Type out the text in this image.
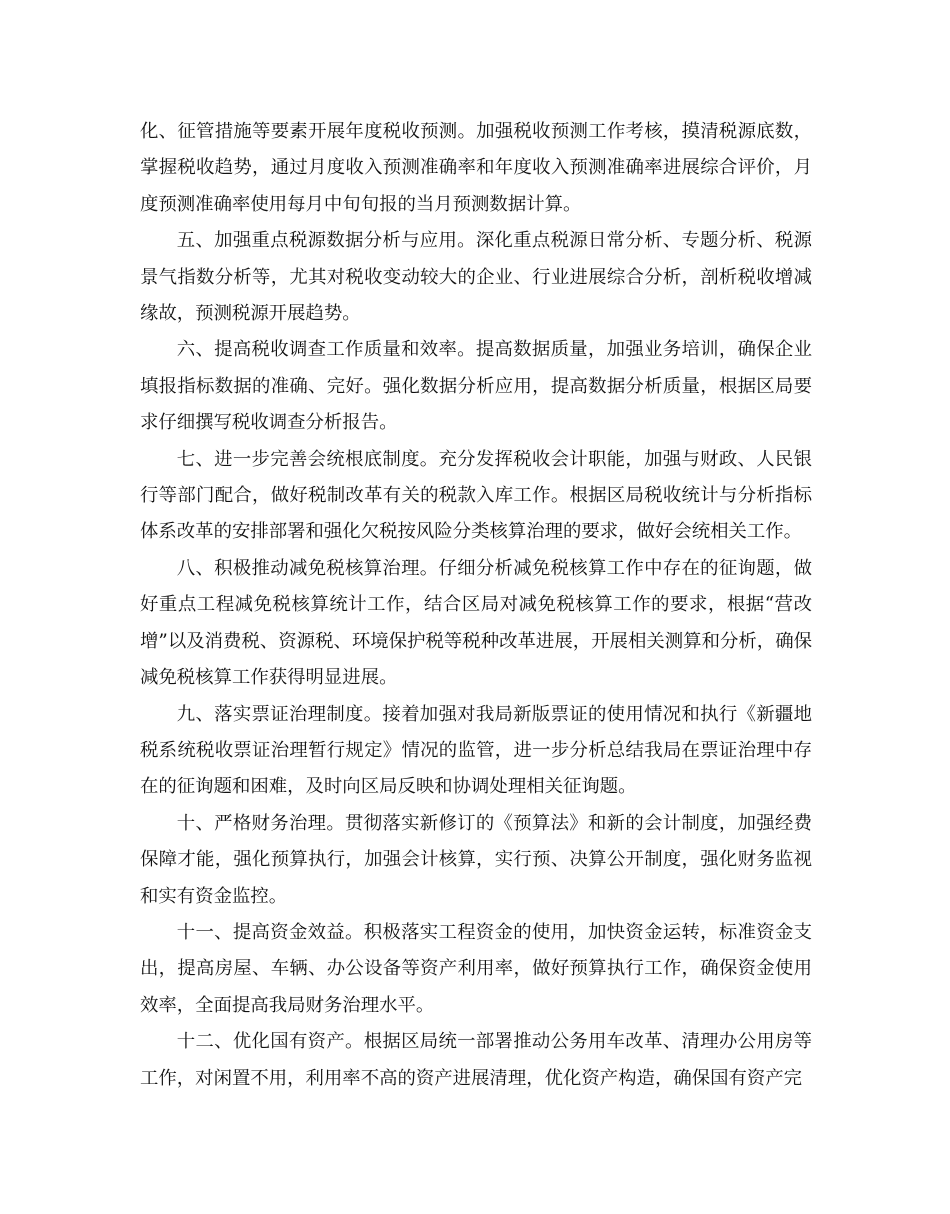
化、征管措施等要素开展年度税收预测。加强税收预测工作考核，摸清税源底数，掌握税收趋势，通过月度收入预测准确率和年度收入预测准确率进展综合评价，月度预测准确率使用每月中旬旬报的当月预测数据计算。

五、加强重点税源数据分析与应用。深化重点税源日常分析、专题分析、税源景气指数分析等，尤其对税收变动较大的企业、行业进展综合分析，剖析税收增减缘故，预测税源开展趋势。

六、提高税收调查工作质量和效率。提高数据质量，加强业务培训，确保企业填报指标数据的准确、完好。强化数据分析应用，提高数据分析质量，根据区局要求仔细撰写税收调查分析报告。

七、进一步完善会统根底制度。充分发挥税收会计职能，加强与财政、人民银行等部门配合，做好税制改革有关的税款入库工作。根据区局税收统计与分析指标体系改革的安排部署和强化欠税按风险分类核算治理的要求，做好会统相关工作。

八、积极推动减免税核算治理。仔细分析减免税核算工作中存在的征询题，做好重点工程减免税核算统计工作，结合区局对减免税核算工作的要求，根据“营改增”以及消费税、资源税、环境保护税等税种改革进展，开展相关测算和分析，确保减免税核算工作获得明显进展。

九、落实票证治理制度。接着加强对我局新版票证的使用情况和执行《新疆地税系统税收票证治理暂行规定》情况的监管，进一步分析总结我局在票证治理中存在的征询题和困难，及时向区局反映和协调处理相关征询题。

十、严格财务治理。贯彻落实新修订的《预算法》和新的会计制度，加强经费保障才能，强化预算执行，加强会计核算，实行预、决算公开制度，强化财务监视和实有资金监控。

十一、提高资金效益。积极落实工程资金的使用，加快资金运转，标准资金支出，提高房屋、车辆、办公设备等资产利用率，做好预算执行工作，确保资金使用效率，全面提高我局财务治理水平。

十二、优化国有资产。根据区局统一部署推动公务用车改革、清理办公用房等工作，对闲置不用，利用率不高的资产进展清理，优化资产构造，确保国有资产完
